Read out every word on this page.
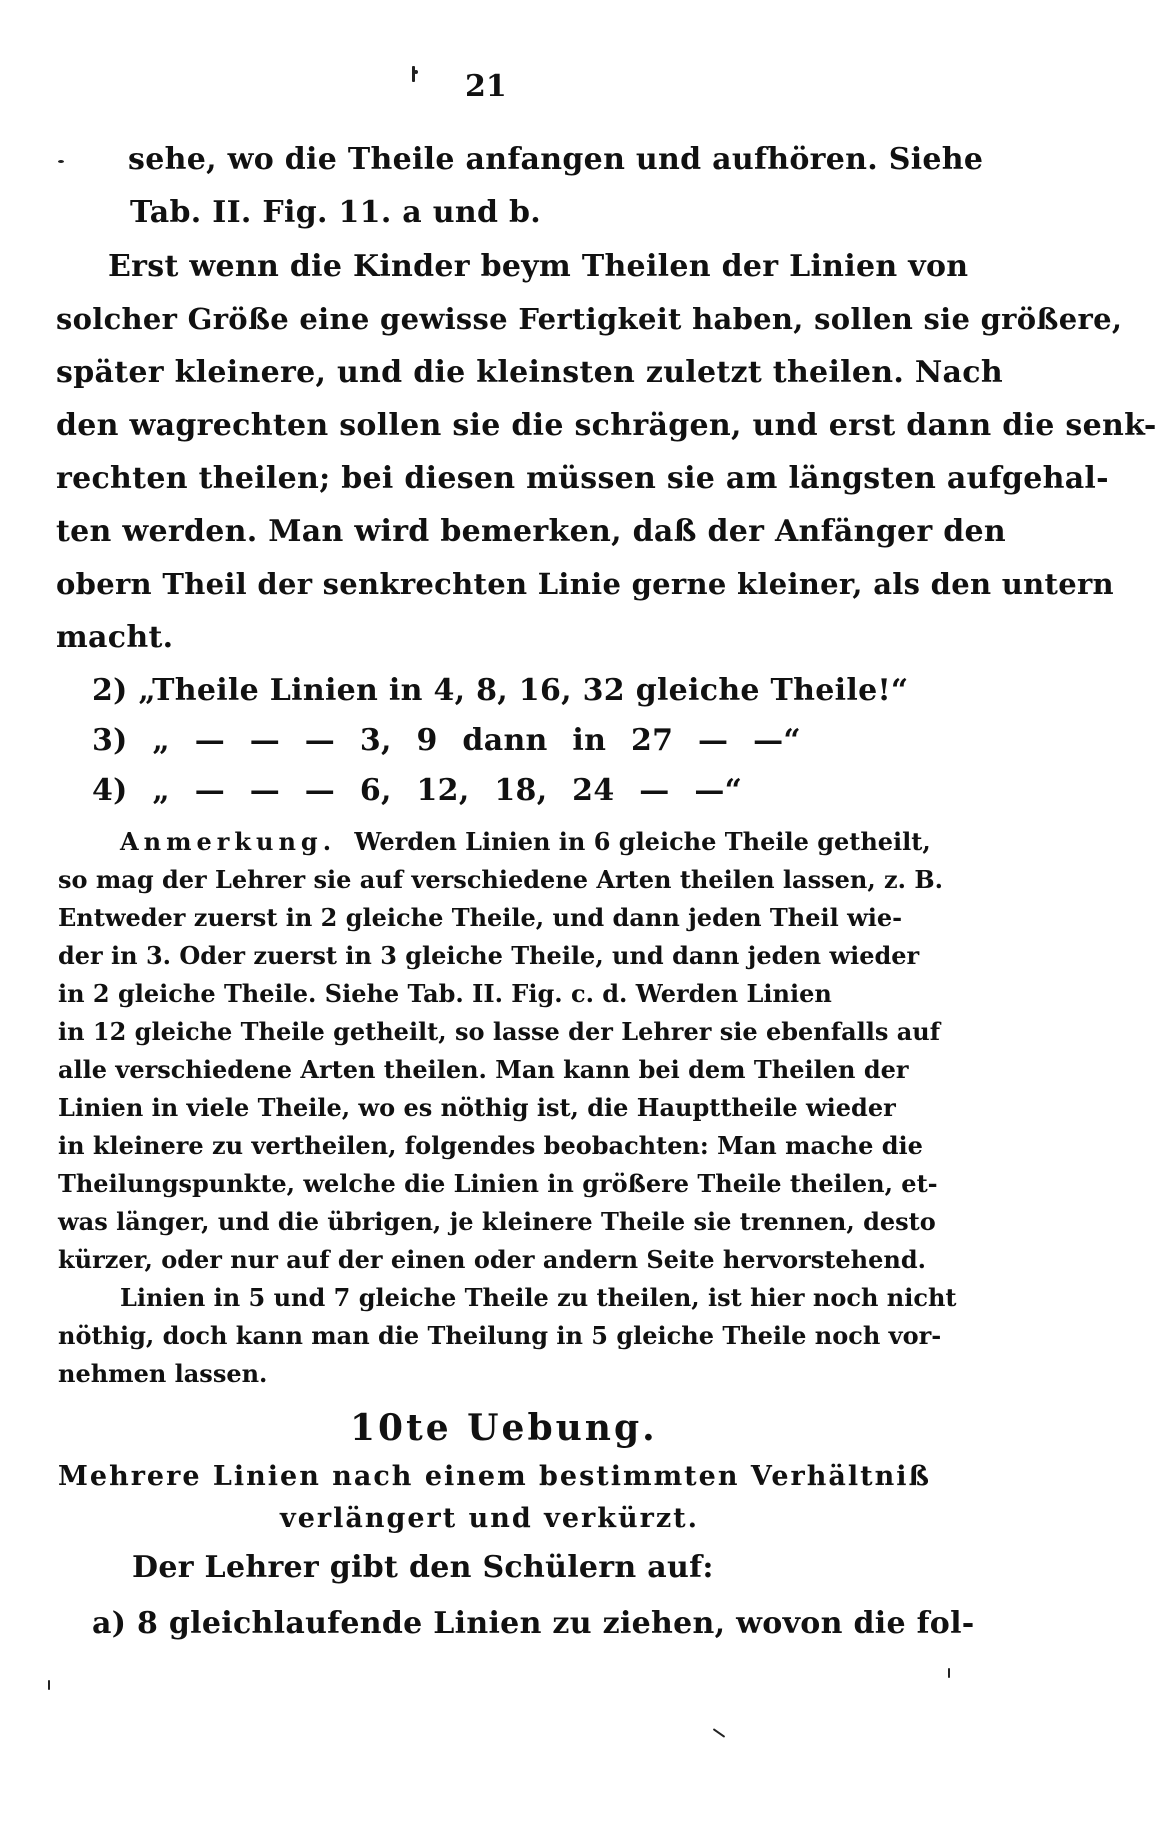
21
sehe, wo die Theile anfangen und aufhören. Siehe
Tab. II. Fig. 11. a und b.
Erst wenn die Kinder beym Theilen der Linien von
solcher Größe eine gewisse Fertigkeit haben, sollen sie größere,
später kleinere, und die kleinsten zuletzt theilen. Nach
den wagrechten sollen sie die schrägen, und erst dann die senk-
rechten theilen; bei diesen müssen sie am längsten aufgehal-
ten werden. Man wird bemerken, daß der Anfänger den
obern Theil der senkrechten Linie gerne kleiner, als den untern
macht.
2) „Theile Linien in 4, 8, 16, 32 gleiche Theile!“
3) „ — — — 3, 9 dann in 27 — —“
4) „ — — — 6, 12, 18, 24 — —“
Anmerkung. Werden Linien in 6 gleiche Theile getheilt,
so mag der Lehrer sie auf verschiedene Arten theilen lassen, z. B.
Entweder zuerst in 2 gleiche Theile, und dann jeden Theil wie-
der in 3. Oder zuerst in 3 gleiche Theile, und dann jeden wieder
in 2 gleiche Theile. Siehe Tab. II. Fig. c. d. Werden Linien
in 12 gleiche Theile getheilt, so lasse der Lehrer sie ebenfalls auf
alle verschiedene Arten theilen. Man kann bei dem Theilen der
Linien in viele Theile, wo es nöthig ist, die Haupttheile wieder
in kleinere zu vertheilen, folgendes beobachten: Man mache die
Theilungspunkte, welche die Linien in größere Theile theilen, et-
was länger, und die übrigen, je kleinere Theile sie trennen, desto
kürzer, oder nur auf der einen oder andern Seite hervorstehend.
Linien in 5 und 7 gleiche Theile zu theilen, ist hier noch nicht
nöthig, doch kann man die Theilung in 5 gleiche Theile noch vor-
nehmen lassen.
10te Uebung.
Mehrere Linien nach einem bestimmten Verhältniß
verlängert und verkürzt.
Der Lehrer gibt den Schülern auf:
a) 8 gleichlaufende Linien zu ziehen, wovon die fol-
